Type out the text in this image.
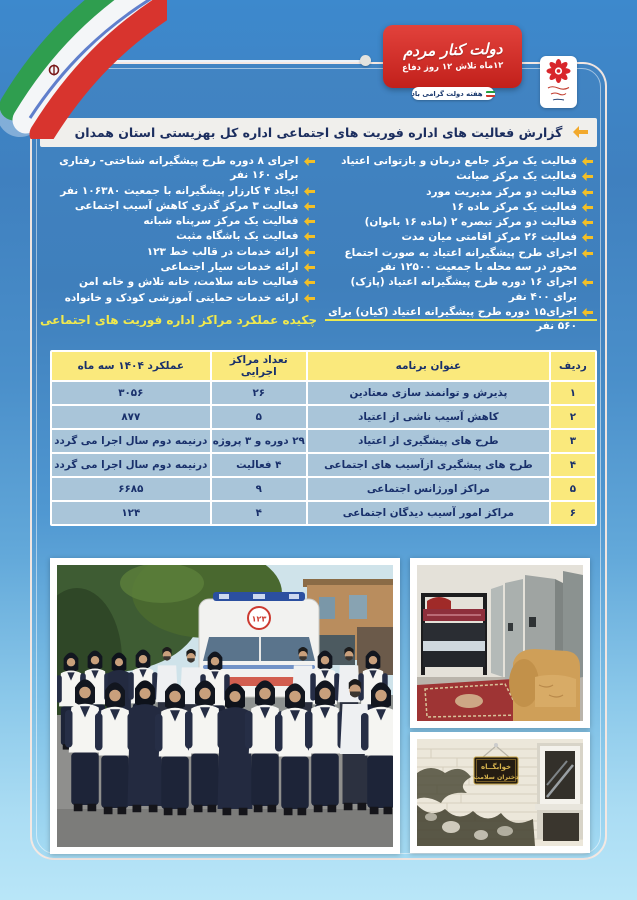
دولت کنار مردم
۱۲ماه تلاش ۱۲ روز دفاع
هفته دولت گرامی باد
گزارش فعالیت های اداره فوریت های اجتماعی اداره کل بهزیستی استان همدان
فعالیت یک مرکز جامع درمان و بازتوانی اعتیاد
فعالیت یک مرکز صیانت
فعالیت دو مرکز مدیریت مورد
فعالیت یک مرکز ماده ۱۶
فعالیت دو مرکز تبصره ۲ (ماده ۱۶ بانوان)
فعالیت ۲۶ مرکز اقامتی میان مدت
اجرای طرح پیشگیرانه اعتیاد به صورت اجتماع محور در سه محله با جمعیت ۱۲۵۰۰ نفر
اجرای ۱۶ دوره طرح پیشگیرانه اعتیاد (پازک) برای ۴۰۰ نفر
اجرای۱۵ دوره طرح پیشگیرانه اعتیاد (کیان) برای ۵۶۰ نفر
اجرای ۸ دوره طرح پیشگیرانه شناختی- رفتاری برای ۱۶۰ نفر
ایجاد ۴ کارزار پیشگیرانه با جمعیت ۱۰۶۳۸۰ نفر
فعالیت ۳ مرکز گذری کاهش آسیب اجتماعی
فعالیت یک مرکز سرپناه شبانه
فعالیت یک باشگاه مثبت
ارائه خدمات در قالب خط ۱۲۳
ارائه خدمات سیار اجتماعی
فعالیت خانه سلامت، خانه تلاش و خانه امن
ارائه خدمات حمایتی آموزشی کودک و خانواده
چکیده عملکرد مراکز اداره فوریت های اجتماعی
ردیف	عنوان برنامه	تعداد مراکز اجرایی	عملکرد ۱۴۰۴ سه ماه
۱	پذیرش و توانمند سازی معتادین	۲۶	۳۰۵۶
۲	کاهش آسیب ناشی از اعتیاد	۵	۸۷۷
۳	طرح های پیشگیری از اعتیاد	۲۹ دوره و ۳ پروژه	درنیمه دوم سال اجرا می گردد
۴	طرح های پیشگیری ازآسیب های اجتماعی	۴ فعالیت	درنیمه دوم سال اجرا می گردد
۵	مراکز اورژانس اجتماعی	۹	۶۶۸۵
۶	مراکز امور آسیب دیدگان اجتماعی	۴	۱۲۴
۱۲۳
خوابگــاه
دختران سلامت
